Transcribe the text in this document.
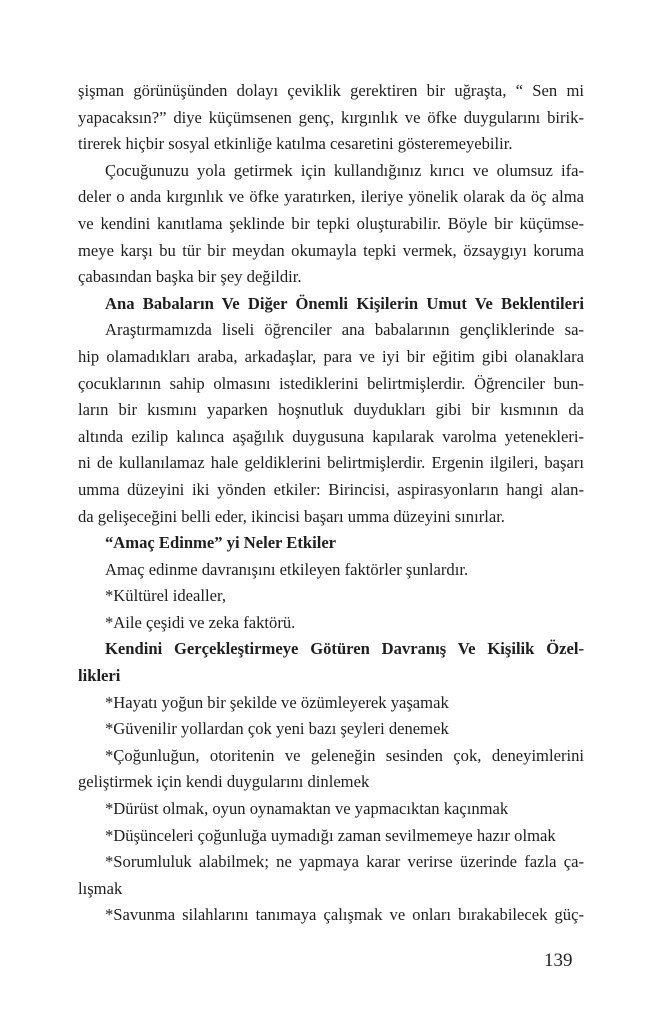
şişman görünüşünden dolayı çeviklik gerektiren bir uğraşta, “ Sen mi
yapacaksın?” diye küçümsenen genç, kırgınlık ve öfke duygularını birik-
tirerek hiçbir sosyal etkinliğe katılma cesaretini gösteremeyebilir.
Çocuğunuzu yola getirmek için kullandığınız kırıcı ve olumsuz ifa-
deler o anda kırgınlık ve öfke yaratırken, ileriye yönelik olarak da öç alma
ve kendini kanıtlama şeklinde bir tepki oluşturabilir. Böyle bir küçümse-
meye karşı bu tür bir meydan okumayla tepki vermek, özsaygıyı koruma
çabasından başka bir şey değildir.
Ana Babaların Ve Diğer Önemli Kişilerin Umut Ve Beklentileri
Araştırmamızda liseli öğrenciler ana babalarının gençliklerinde sa-
hip olamadıkları araba, arkadaşlar, para ve iyi bir eğitim gibi olanaklara
çocuklarının sahip olmasını istediklerini belirtmişlerdir. Öğrenciler bun-
ların bir kısmını yaparken hoşnutluk duydukları gibi bir kısmının da
altında ezilip kalınca aşağılık duygusuna kapılarak varolma yetenekleri-
ni de kullanılamaz hale geldiklerini belirtmişlerdir. Ergenin ilgileri, başarı
umma düzeyini iki yönden etkiler: Birincisi, aspirasyonların hangi alan-
da gelişeceğini belli eder, ikincisi başarı umma düzeyini sınırlar.
“Amaç Edinme” yi Neler Etkiler
Amaç edinme davranışını etkileyen faktörler şunlardır.
*Kültürel idealler,
*Aile çeşidi ve zeka faktörü.
Kendini Gerçekleştirmeye Götüren Davranış Ve Kişilik Özel-
likleri
*Hayatı yoğun bir şekilde ve özümleyerek yaşamak
*Güvenilir yollardan çok yeni bazı şeyleri denemek
*Çoğunluğun, otoritenin ve geleneğin sesinden çok, deneyimlerini
geliştirmek için kendi duygularını dinlemek
*Dürüst olmak, oyun oynamaktan ve yapmacıktan kaçınmak
*Düşünceleri çoğunluğa uymadığı zaman sevilmemeye hazır olmak
*Sorumluluk alabilmek; ne yapmaya karar verirse üzerinde fazla ça-
lışmak
*Savunma silahlarını tanımaya çalışmak ve onları bırakabilecek güç-
139
